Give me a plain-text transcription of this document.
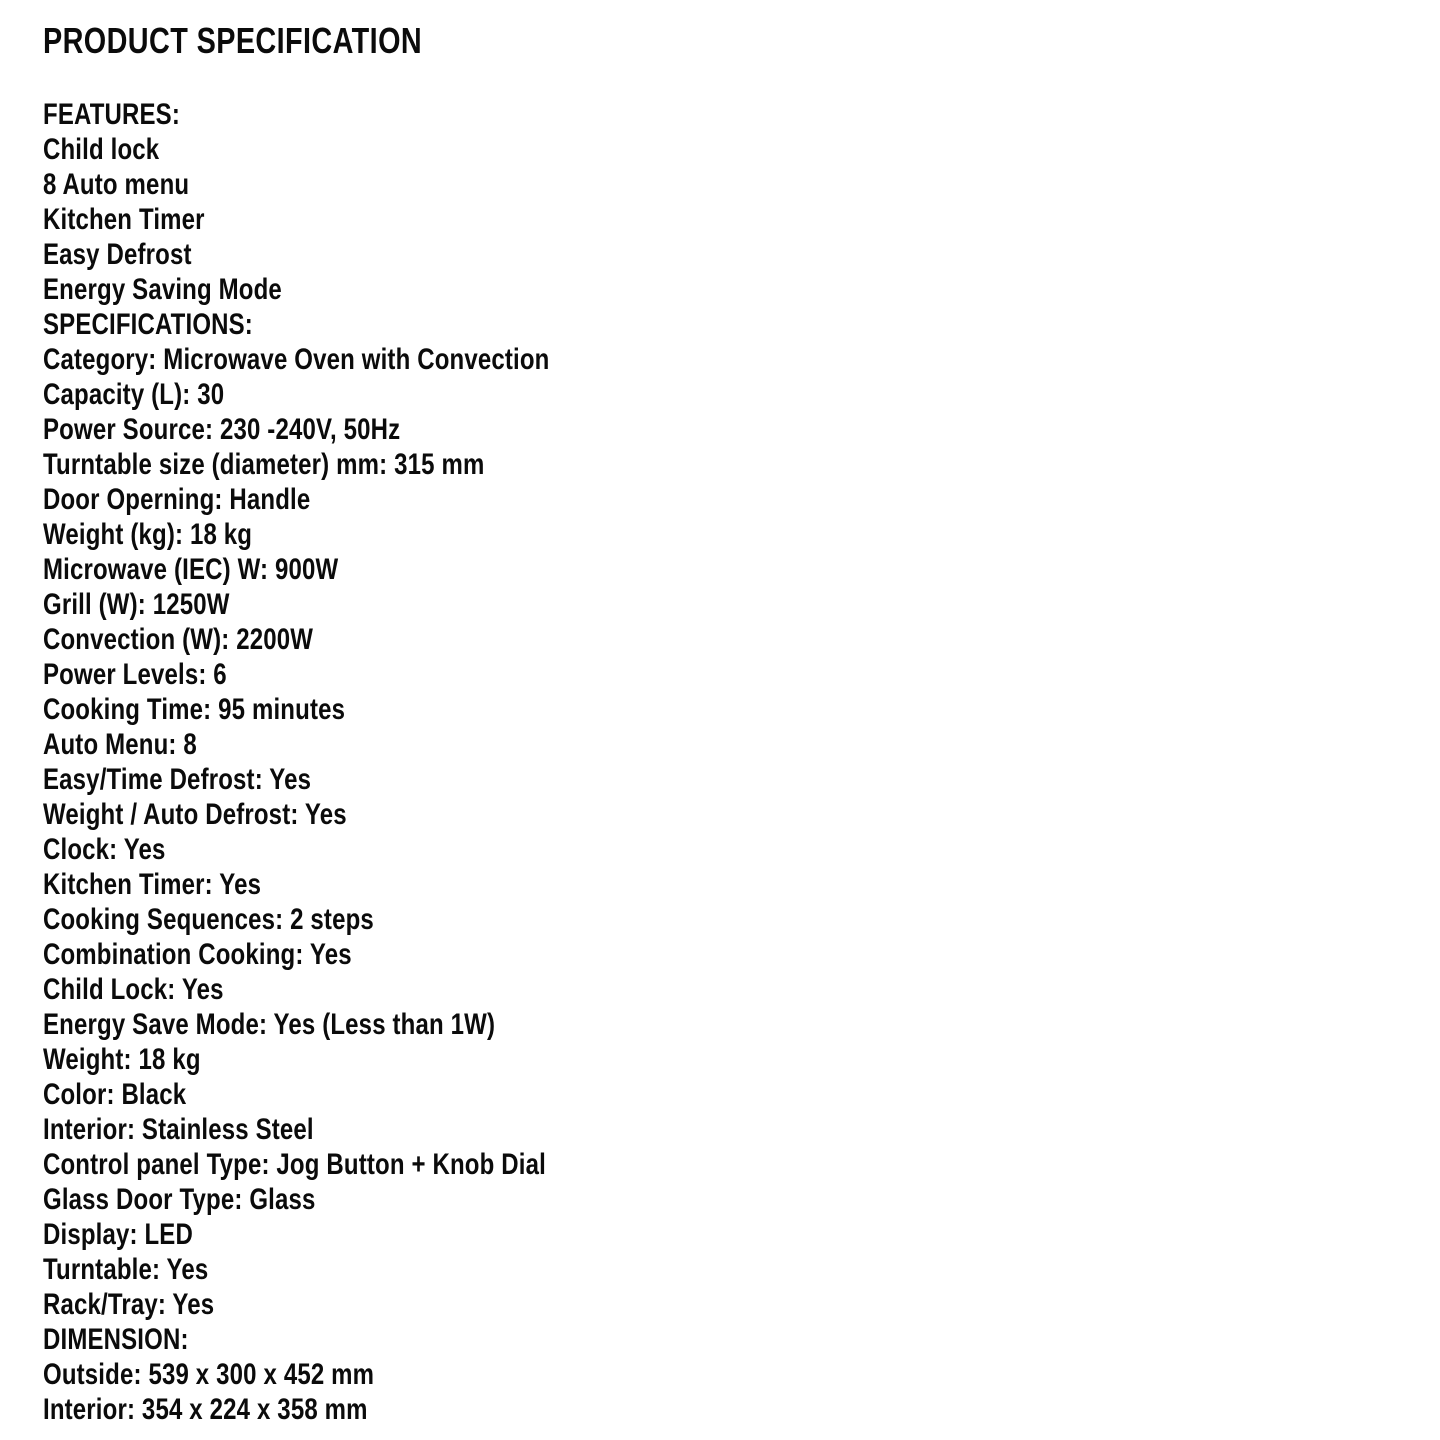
PRODUCT SPECIFICATION
FEATURES:
Child lock
8 Auto menu
Kitchen Timer
Easy Defrost
Energy Saving Mode
SPECIFICATIONS:
Category: Microwave Oven with Convection
Capacity (L): 30
Power Source: 230 -240V, 50Hz
Turntable size (diameter) mm: 315 mm
Door Operning: Handle
Weight (kg): 18 kg
Microwave (IEC) W: 900W
Grill (W): 1250W
Convection (W): 2200W
Power Levels: 6
Cooking Time: 95 minutes
Auto Menu: 8
Easy/Time Defrost: Yes
Weight / Auto Defrost: Yes
Clock: Yes
Kitchen Timer: Yes
Cooking Sequences: 2 steps
Combination Cooking: Yes
Child Lock: Yes
Energy Save Mode: Yes (Less than 1W)
Weight: 18 kg
Color: Black
Interior: Stainless Steel
Control panel Type: Jog Button + Knob Dial
Glass Door Type: Glass
Display: LED
Turntable: Yes
Rack/Tray: Yes
DIMENSION:
Outside: 539 x 300 x 452 mm
Interior: 354 x 224 x 358 mm
